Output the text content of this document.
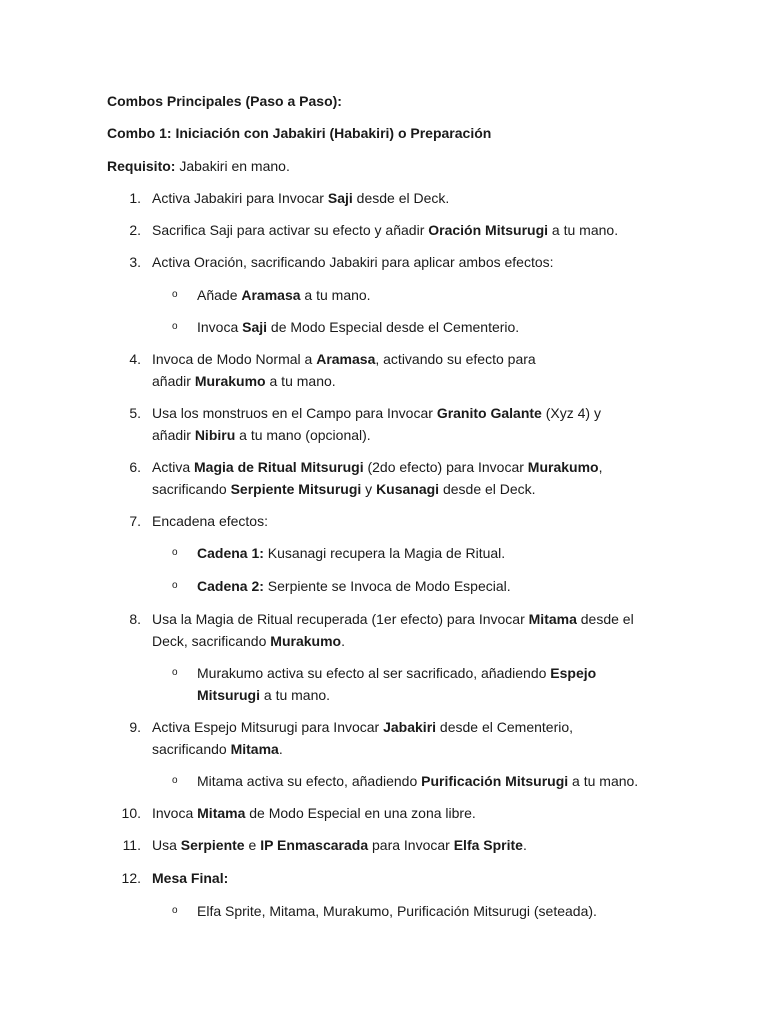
Combos Principales (Paso a Paso):
Combo 1: Iniciación con Jabakiri (Habakiri) o Preparación
Requisito: Jabakiri en mano.
1. Activa Jabakiri para Invocar Saji desde el Deck.
2. Sacrifica Saji para activar su efecto y añadir Oración Mitsurugi a tu mano.
3. Activa Oración, sacrificando Jabakiri para aplicar ambos efectos:
o Añade Aramasa a tu mano.
o Invoca Saji de Modo Especial desde el Cementerio.
4. Invoca de Modo Normal a Aramasa, activando su efecto para
añadir Murakumo a tu mano.
5. Usa los monstruos en el Campo para Invocar Granito Galante (Xyz 4) y
añadir Nibiru a tu mano (opcional).
6. Activa Magia de Ritual Mitsurugi (2do efecto) para Invocar Murakumo,
sacrificando Serpiente Mitsurugi y Kusanagi desde el Deck.
7. Encadena efectos:
o Cadena 1: Kusanagi recupera la Magia de Ritual.
o Cadena 2: Serpiente se Invoca de Modo Especial.
8. Usa la Magia de Ritual recuperada (1er efecto) para Invocar Mitama desde el
Deck, sacrificando Murakumo.
o Murakumo activa su efecto al ser sacrificado, añadiendo Espejo
Mitsurugi a tu mano.
9. Activa Espejo Mitsurugi para Invocar Jabakiri desde el Cementerio,
sacrificando Mitama.
o Mitama activa su efecto, añadiendo Purificación Mitsurugi a tu mano.
10. Invoca Mitama de Modo Especial en una zona libre.
11. Usa Serpiente e IP Enmascarada para Invocar Elfa Sprite.
12. Mesa Final:
o Elfa Sprite, Mitama, Murakumo, Purificación Mitsurugi (seteada).
